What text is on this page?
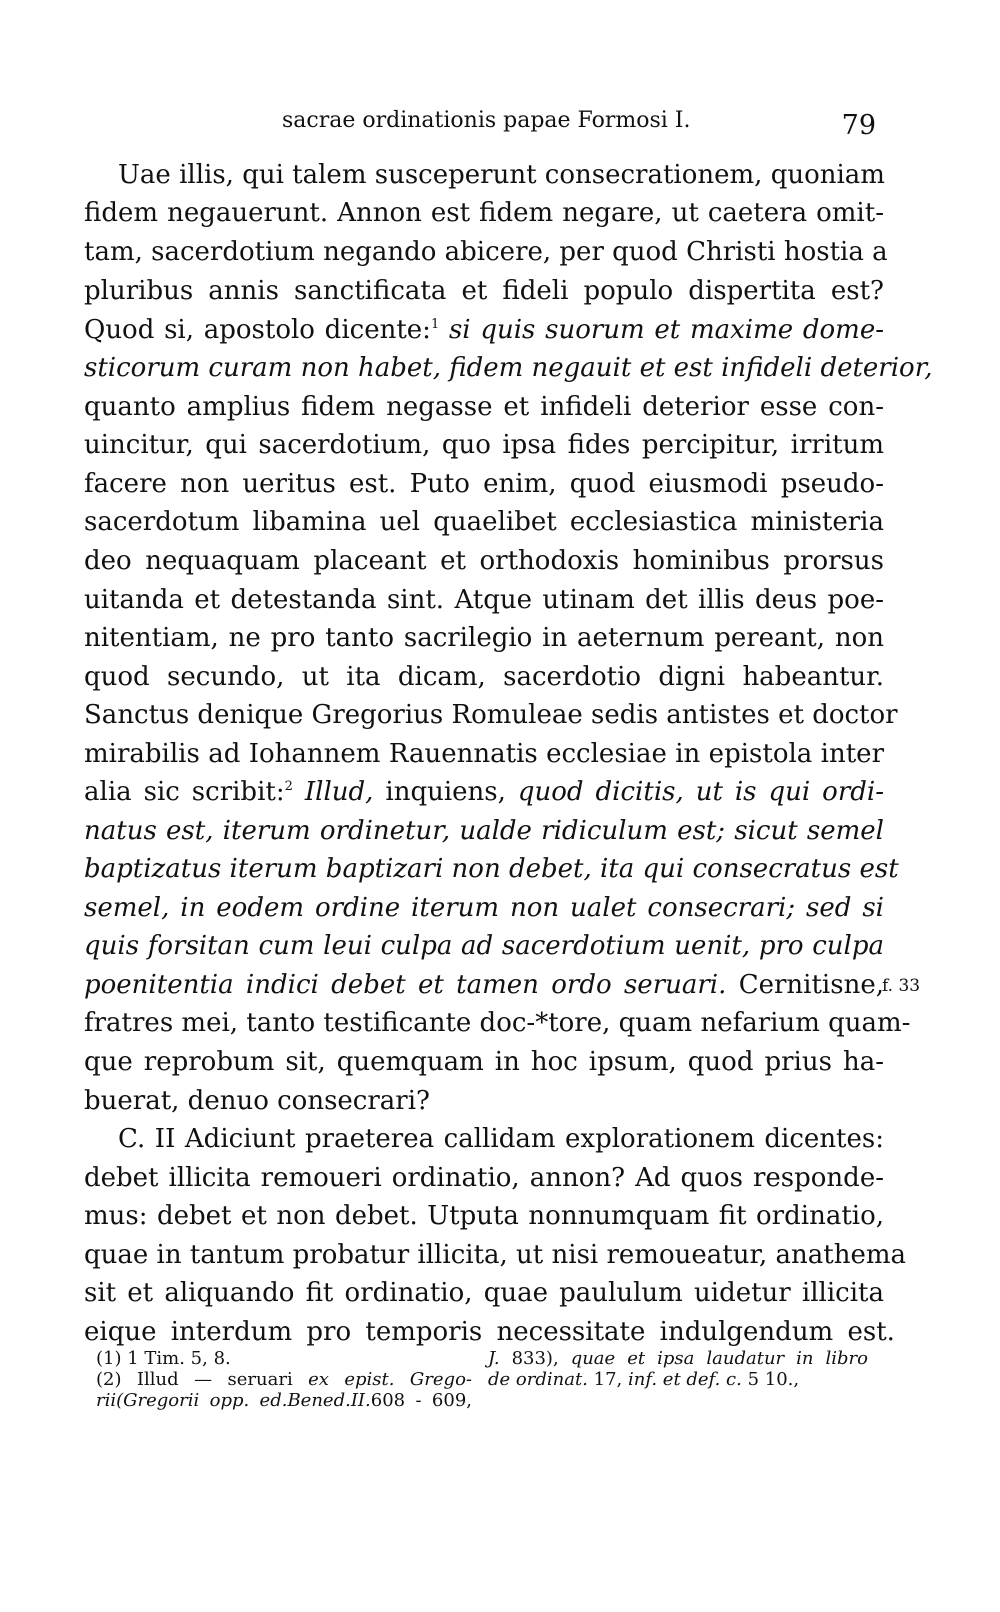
sacrae ordinationis papae Formosi I.	79
Uae illis, qui talem susceperunt consecrationem, quoniam
fidem negauerunt. Annon est fidem negare, ut caetera omit-
tam, sacerdotium negando abicere, per quod Christi hostia a
pluribus annis sanctificata et fideli populo dispertita est?
Quod si, apostolo dicente:$^1$ si quis suorum et maxime dome-
sticorum curam non habet, fidem negauit et est infideli deterior,
quanto amplius fidem negasse et infideli deterior esse con-
uincitur, qui sacerdotium, quo ipsa fides percipitur, irritum
facere non ueritus est. Puto enim, quod eiusmodi pseudo-
sacerdotum libamina uel quaelibet ecclesiastica ministeria
deo nequaquam placeant et orthodoxis hominibus prorsus
uitanda et detestanda sint. Atque utinam det illis deus poe-
nitentiam, ne pro tanto sacrilegio in aeternum pereant, non
quod secundo, ut ita dicam, sacerdotio digni habeantur.
Sanctus denique Gregorius Romuleae sedis antistes et doctor
mirabilis ad Iohannem Rauennatis ecclesiae in epistola inter
alia sic scribit:$^2$ Illud, inquiens, quod dicitis, ut is qui ordi-
natus est, iterum ordinetur, ualde ridiculum est; sicut semel
baptizatus iterum baptizari non debet, ita qui consecratus est
semel, in eodem ordine iterum non ualet consecrari; sed si
quis forsitan cum leui culpa ad sacerdotium uenit, pro culpa
poenitentia indici debet et tamen ordo seruari. Cernitisne,
fratres mei, tanto testificante doc-*tore, quam nefarium quam-
que reprobum sit, quemquam in hoc ipsum, quod prius ha-
buerat, denuo consecrari?
C. II Adiciunt praeterea callidam explorationem dicentes:
debet illicita remoueri ordinatio, annon? Ad quos responde-
mus: debet et non debet. Utputa nonnumquam fit ordinatio,
quae in tantum probatur illicita, ut nisi remoueatur, anathema
sit et aliquando fit ordinatio, quae paululum uidetur illicita
eique interdum pro temporis necessitate indulgendum est.
f. 33
(1) 1 Tim. 5, 8.
(2) Illud — seruari ex epist. Grego-
rii(Gregorii opp. ed.Bened.II.608 - 609,
J. 833), quae et ipsa laudatur in libro
de ordinat. 17, inf. et def. c. 5 10.,
